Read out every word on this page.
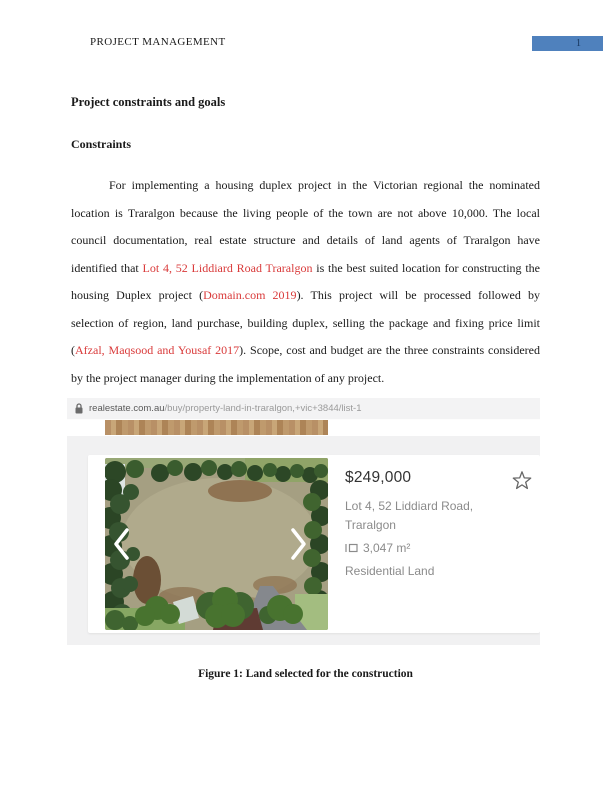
PROJECT MANAGEMENT	1
Project constraints and goals
Constraints

For implementing a housing duplex project in the Victorian regional the nominated location is Traralgon because the living people of the town are not above 10,000. The local council documentation, real estate structure and details of land agents of Traralgon have identified that Lot 4, 52 Liddiard Road Traralgon is the best suited location for constructing the housing Duplex project (Domain.com 2019). This project will be processed followed by selection of region, land purchase, building duplex, selling the package and fixing price limit (Afzal, Maqsood and Yousaf 2017). Scope, cost and budget are the three constraints considered by the project manager during the implementation of any project.

realestate.com.au /buy/property-land-in-traralgon,+vic+3844/list-1
$249,000
Lot 4, 52 Liddiard Road,
Traralgon
3,047 m²
Residential Land
Figure 1: Land selected for the construction
